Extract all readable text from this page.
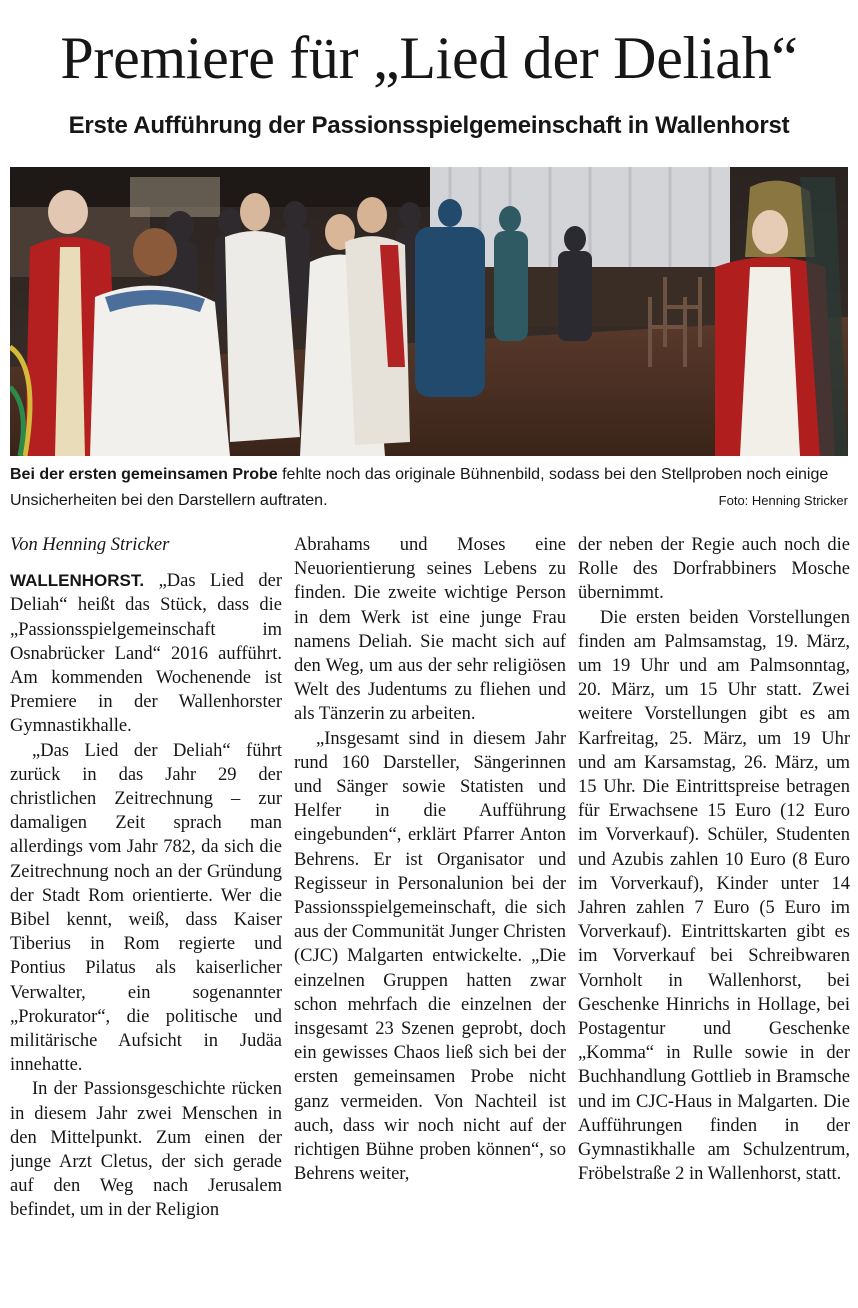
Premiere für „Lied der Deliah“
Erste Aufführung der Passionsspielgemeinschaft in Wallenhorst

Bei der ersten gemeinsamen Probe fehlte noch das originale Bühnenbild, sodass bei den Stellproben noch einige Unsicherheiten bei den Darstellern auftraten.	Foto: Henning Stricker

Von Henning Stricker

WALLENHORST. „Das Lied der Deliah“ heißt das Stück, dass die „Passionsspielgemeinschaft im Osnabrücker Land“ 2016 aufführt. Am kommenden Wochenende ist Premiere in der Wallenhorster Gymnastikhalle.

„Das Lied der Deliah“ führt zurück in das Jahr 29 der christlichen Zeitrechnung – zur damaligen Zeit sprach man allerdings vom Jahr 782, da sich die Zeitrechnung noch an der Gründung der Stadt Rom orientierte. Wer die Bibel kennt, weiß, dass Kaiser Tiberius in Rom regierte und Pontius Pilatus als kaiserlicher Verwalter, ein sogenannter „Prokurator“, die politische und militärische Aufsicht in Judäa innehatte.

In der Passionsgeschichte rücken in diesem Jahr zwei Menschen in den Mittelpunkt. Zum einen der junge Arzt Cletus, der sich gerade auf den Weg nach Jerusalem befindet, um in der Religion

Abrahams und Moses eine Neuorientierung seines Lebens zu finden. Die zweite wichtige Person in dem Werk ist eine junge Frau namens Deliah. Sie macht sich auf den Weg, um aus der sehr religiösen Welt des Judentums zu fliehen und als Tänzerin zu arbeiten.

„Insgesamt sind in diesem Jahr rund 160 Darsteller, Sängerinnen und Sänger sowie Statisten und Helfer in die Aufführung eingebunden“, erklärt Pfarrer Anton Behrens. Er ist Organisator und Regisseur in Personalunion bei der Passionsspielgemeinschaft, die sich aus der Communität Junger Christen (CJC) Malgarten entwickelte. „Die einzelnen Gruppen hatten zwar schon mehrfach die einzelnen der insgesamt 23 Szenen geprobt, doch ein gewisses Chaos ließ sich bei der ersten gemeinsamen Probe nicht ganz vermeiden. Von Nachteil ist auch, dass wir noch nicht auf der richtigen Bühne proben können“, so Behrens weiter,

der neben der Regie auch noch die Rolle des Dorfrabbiners Mosche übernimmt.

Die ersten beiden Vorstellungen finden am Palmsamstag, 19. März, um 19 Uhr und am Palmsonntag, 20. März, um 15 Uhr statt. Zwei weitere Vorstellungen gibt es am Karfreitag, 25. März, um 19 Uhr und am Karsamstag, 26. März, um 15 Uhr. Die Eintrittspreise betragen für Erwachsene 15 Euro (12 Euro im Vorverkauf). Schüler, Studenten und Azubis zahlen 10 Euro (8 Euro im Vorverkauf), Kinder unter 14 Jahren zahlen 7 Euro (5 Euro im Vorverkauf). Eintrittskarten gibt es im Vorverkauf bei Schreibwaren Vornholt in Wallenhorst, bei Geschenke Hinrichs in Hollage, bei Postagentur und Geschenke „Komma“ in Rulle sowie in der Buchhandlung Gottlieb in Bramsche und im CJC-Haus in Malgarten. Die Aufführungen finden in der Gymnastikhalle am Schulzentrum, Fröbelstraße 2 in Wallenhorst, statt.
